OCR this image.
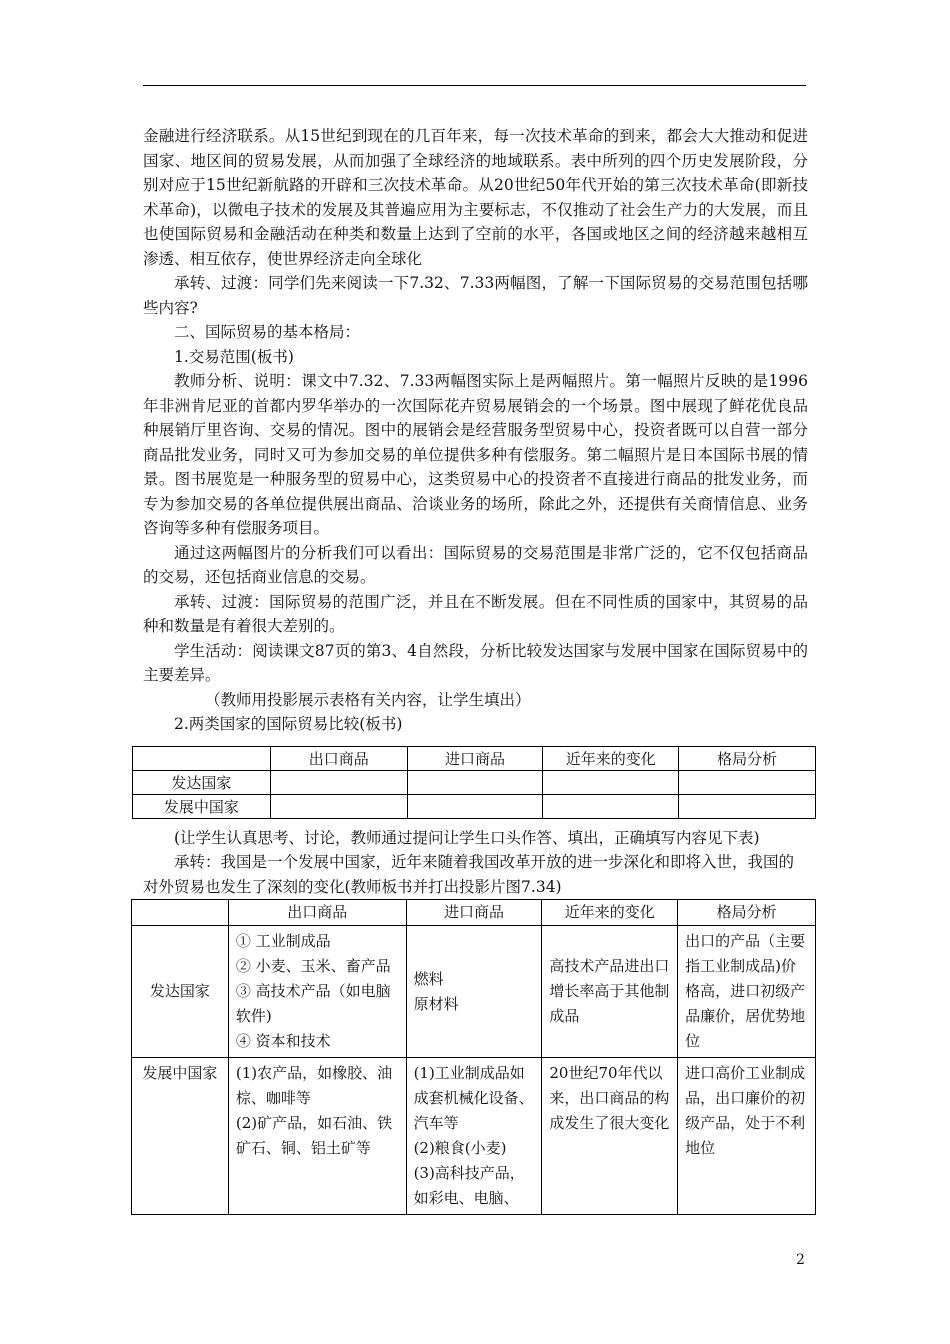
金融进行经济联系。从15世纪到现在的几百年来，每一次技术革命的到来，都会大大推动和促进国家、地区间的贸易发展，从而加强了全球经济的地域联系。表中所列的四个历史发展阶段，分别对应于15世纪新航路的开辟和三次技术革命。从20世纪50年代开始的第三次技术革命(即新技术革命)，以微电子技术的发展及其普遍应用为主要标志，不仅推动了社会生产力的大发展，而且也使国际贸易和金融活动在种类和数量上达到了空前的水平，各国或地区之间的经济越来越相互渗透、相互依存，使世界经济走向全球化

承转、过渡：同学们先来阅读一下7.32、7.33两幅图，了解一下国际贸易的交易范围包括哪些内容?

二、国际贸易的基本格局：

1.交易范围(板书)

教师分析、说明：课文中7.32、7.33两幅图实际上是两幅照片。第一幅照片反映的是1996年非洲肯尼亚的首都内罗华举办的一次国际花卉贸易展销会的一个场景。图中展现了鲜花优良品种展销厅里咨询、交易的情况。图中的展销会是经营服务型贸易中心，投资者既可以自营一部分商品批发业务，同时又可为参加交易的单位提供多种有偿服务。第二幅照片是日本国际书展的情景。图书展览是一种服务型的贸易中心，这类贸易中心的投资者不直接进行商品的批发业务，而专为参加交易的各单位提供展出商品、洽谈业务的场所，除此之外，还提供有关商情信息、业务咨询等多种有偿服务项目。

通过这两幅图片的分析我们可以看出：国际贸易的交易范围是非常广泛的，它不仅包括商品的交易，还包括商业信息的交易。

承转、过渡：国际贸易的范围广泛，并且在不断发展。但在不同性质的国家中，其贸易的品种和数量是有着很大差别的。

学生活动：阅读课文87页的第3、4自然段，分析比较发达国家与发展中国家在国际贸易中的主要差异。

（教师用投影展示表格有关内容，让学生填出）

2.两类国家的国际贸易比较(板书)

	出口商品	进口商品	近年来的变化	格局分析
发达国家				
发展中国家				
(让学生认真思考、讨论，教师通过提问让学生口头作答、填出，正确填写内容见下表)
承转：我国是一个发展中国家，近年来随着我国改革开放的进一步深化和即将入世，我国的对外贸易也发生了深刻的变化(教师板书并打出投影片图7.34)
	出口商品	进口商品	近年来的变化	格局分析
发达国家	① 工业制成品
② 小麦、玉米、畜产品
③ 高技术产品（如电脑软件)
④ 资本和技术	燃料
原材料	高技术产品进出口增长率高于其他制成品	出口的产品（主要指工业制成品)价格高，进口初级产品廉价，居优势地位
发展中国家	(1)农产品，如橡胶、油棕、咖啡等
(2)矿产品，如石油、铁矿石、铜、铝土矿等	(1)工业制成品如成套机械化设备、汽车等
(2)粮食(小麦)
(3)高科技产品，如彩电、电脑、	20世纪70年代以来，出口商品的构成发生了很大变化	进口高价工业制成品，出口廉价的初级产品，处于不利地位
2
